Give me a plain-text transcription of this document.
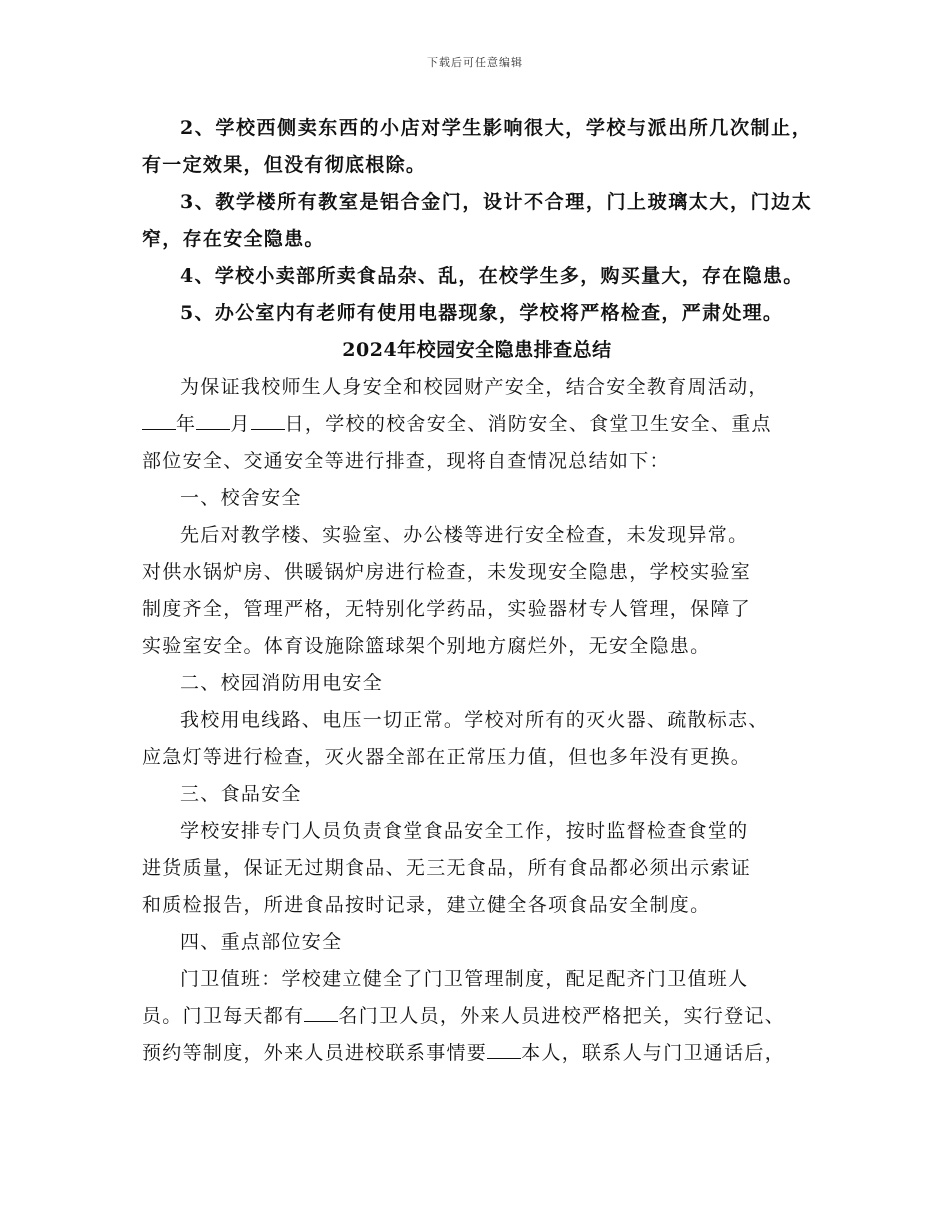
下载后可任意编辑

2、学校西侧卖东西的小店对学生影响很大，学校与派出所几次制止，有一定效果，但没有彻底根除。

3、教学楼所有教室是铝合金门，设计不合理，门上玻璃太大，门边太窄，存在安全隐患。

4、学校小卖部所卖食品杂、乱，在校学生多，购买量大，存在隐患。

5、办公室内有老师有使用电器现象，学校将严格检查，严肃处理。

2024年校园安全隐患排查总结

为保证我校师生人身安全和校园财产安全，结合安全教育周活动，

年 月 日，学校的校舍安全、消防安全、食堂卫生安全、重点

部位安全、交通安全等进行排查，现将自查情况总结如下：

一、校舍安全

先后对教学楼、实验室、办公楼等进行安全检查，未发现异常。

对供水锅炉房、供暖锅炉房进行检查，未发现安全隐患，学校实验室

制度齐全，管理严格，无特别化学药品，实验器材专人管理，保障了

实验室安全。体育设施除篮球架个别地方腐烂外，无安全隐患。

二、校园消防用电安全

我校用电线路、电压一切正常。学校对所有的灭火器、疏散标志、

应急灯等进行检查，灭火器全部在正常压力值，但也多年没有更换。

三、食品安全

学校安排专门人员负责食堂食品安全工作，按时监督检查食堂的

进货质量，保证无过期食品、无三无食品，所有食品都必须出示索证

和质检报告，所进食品按时记录，建立健全各项食品安全制度。

四、重点部位安全

门卫值班：学校建立健全了门卫管理制度，配足配齐门卫值班人

员。门卫每天都有 名门卫人员，外来人员进校严格把关，实行登记、

预约等制度，外来人员进校联系事情要 本人，联系人与门卫通话后，
